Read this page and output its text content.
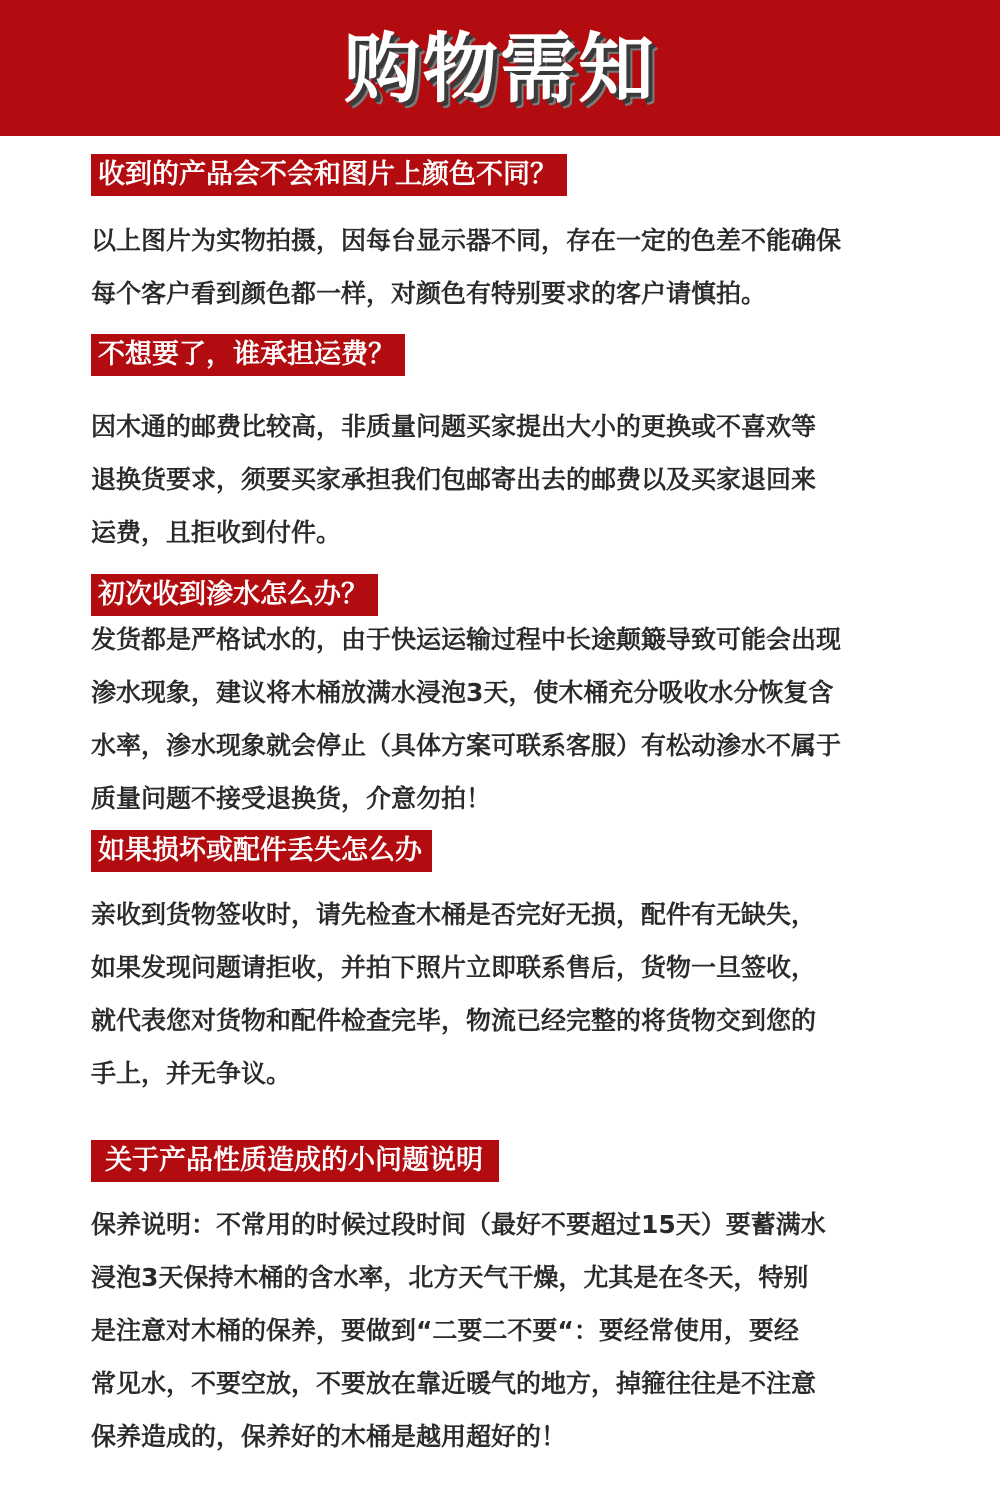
购物需知
收到的产品会不会和图片上颜色不同？
以上图片为实物拍摄，因每台显示器不同，存在一定的色差不能确保
每个客户看到颜色都一样，对颜色有特别要求的客户请慎拍。
不想要了，谁承担运费？
因木通的邮费比较高，非质量问题买家提出大小的更换或不喜欢等
退换货要求，须要买家承担我们包邮寄出去的邮费以及买家退回来
运费，且拒收到付件。
初次收到渗水怎么办？
发货都是严格试水的，由于快运运输过程中长途颠簸导致可能会出现
渗水现象，建议将木桶放满水浸泡3天，使木桶充分吸收水分恢复含
水率，渗水现象就会停止（具体方案可联系客服）有松动渗水不属于
质量问题不接受退换货，介意勿拍！
如果损坏或配件丢失怎么办
亲收到货物签收时，请先检查木桶是否完好无损，配件有无缺失，
如果发现问题请拒收，并拍下照片立即联系售后，货物一旦签收，
就代表您对货物和配件检查完毕，物流已经完整的将货物交到您的
手上，并无争议。
关于产品性质造成的小问题说明
保养说明：不常用的时候过段时间（最好不要超过15天）要蓄满水
浸泡3天保持木桶的含水率，北方天气干燥，尤其是在冬天，特别
是注意对木桶的保养，要做到“二要二不要“：要经常使用，要经
常见水，不要空放，不要放在靠近暖气的地方，掉箍往往是不注意
保养造成的，保养好的木桶是越用超好的！
